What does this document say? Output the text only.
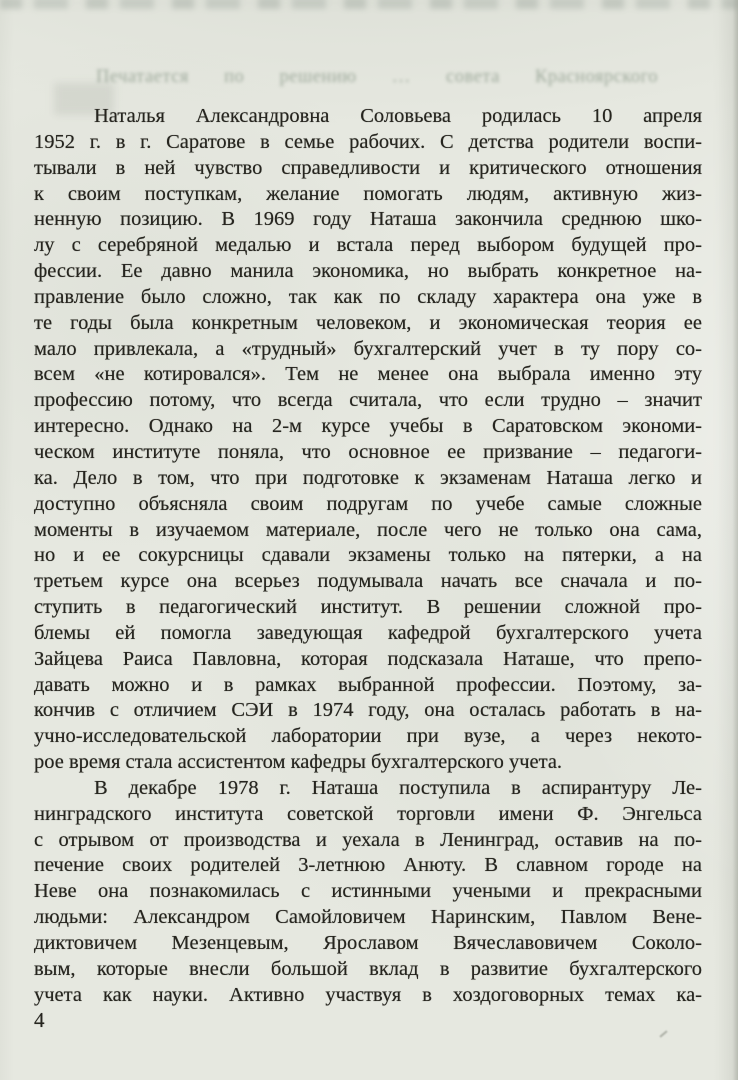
Печатается по решению … совета Красноярского
Наталья Александровна Соловьева родилась 10 апреля
1952 г. в г. Саратове в семье рабочих. С детства родители воспи-
тывали в ней чувство справедливости и критического отношения
к своим поступкам, желание помогать людям, активную жиз-
ненную позицию. В 1969 году Наташа закончила среднюю шко-
лу с серебряной медалью и встала перед выбором будущей про-
фессии. Ее давно манила экономика, но выбрать конкретное на-
правление было сложно, так как по складу характера она уже в
те годы была конкретным человеком, и экономическая теория ее
мало привлекала, а «трудный» бухгалтерский учет в ту пору со-
всем «не котировался». Тем не менее она выбрала именно эту
профессию потому, что всегда считала, что если трудно – значит
интересно. Однако на 2-м курсе учебы в Саратовском экономи-
ческом институте поняла, что основное ее призвание – педагоги-
ка. Дело в том, что при подготовке к экзаменам Наташа легко и
доступно объясняла своим подругам по учебе самые сложные
моменты в изучаемом материале, после чего не только она сама,
но и ее сокурсницы сдавали экзамены только на пятерки, а на
третьем курсе она всерьез подумывала начать все сначала и по-
ступить в педагогический институт. В решении сложной про-
блемы ей помогла заведующая кафедрой бухгалтерского учета
Зайцева Раиса Павловна, которая подсказала Наташе, что препо-
давать можно и в рамках выбранной профессии. Поэтому, за-
кончив с отличием СЭИ в 1974 году, она осталась работать в на-
учно-исследовательской лаборатории при вузе, а через некото-
рое время стала ассистентом кафедры бухгалтерского учета.
В декабре 1978 г. Наташа поступила в аспирантуру Ле-
нинградского института советской торговли имени Ф. Энгельса
с отрывом от производства и уехала в Ленинград, оставив на по-
печение своих родителей 3-летнюю Анюту. В славном городе на
Неве она познакомилась с истинными учеными и прекрасными
людьми: Александром Самойловичем Наринским, Павлом Вене-
диктовичем Мезенцевым, Ярославом Вячеславовичем Соколо-
вым, которые внесли большой вклад в развитие бухгалтерского
учета как науки. Активно участвуя в хоздоговорных темах ка-
4
